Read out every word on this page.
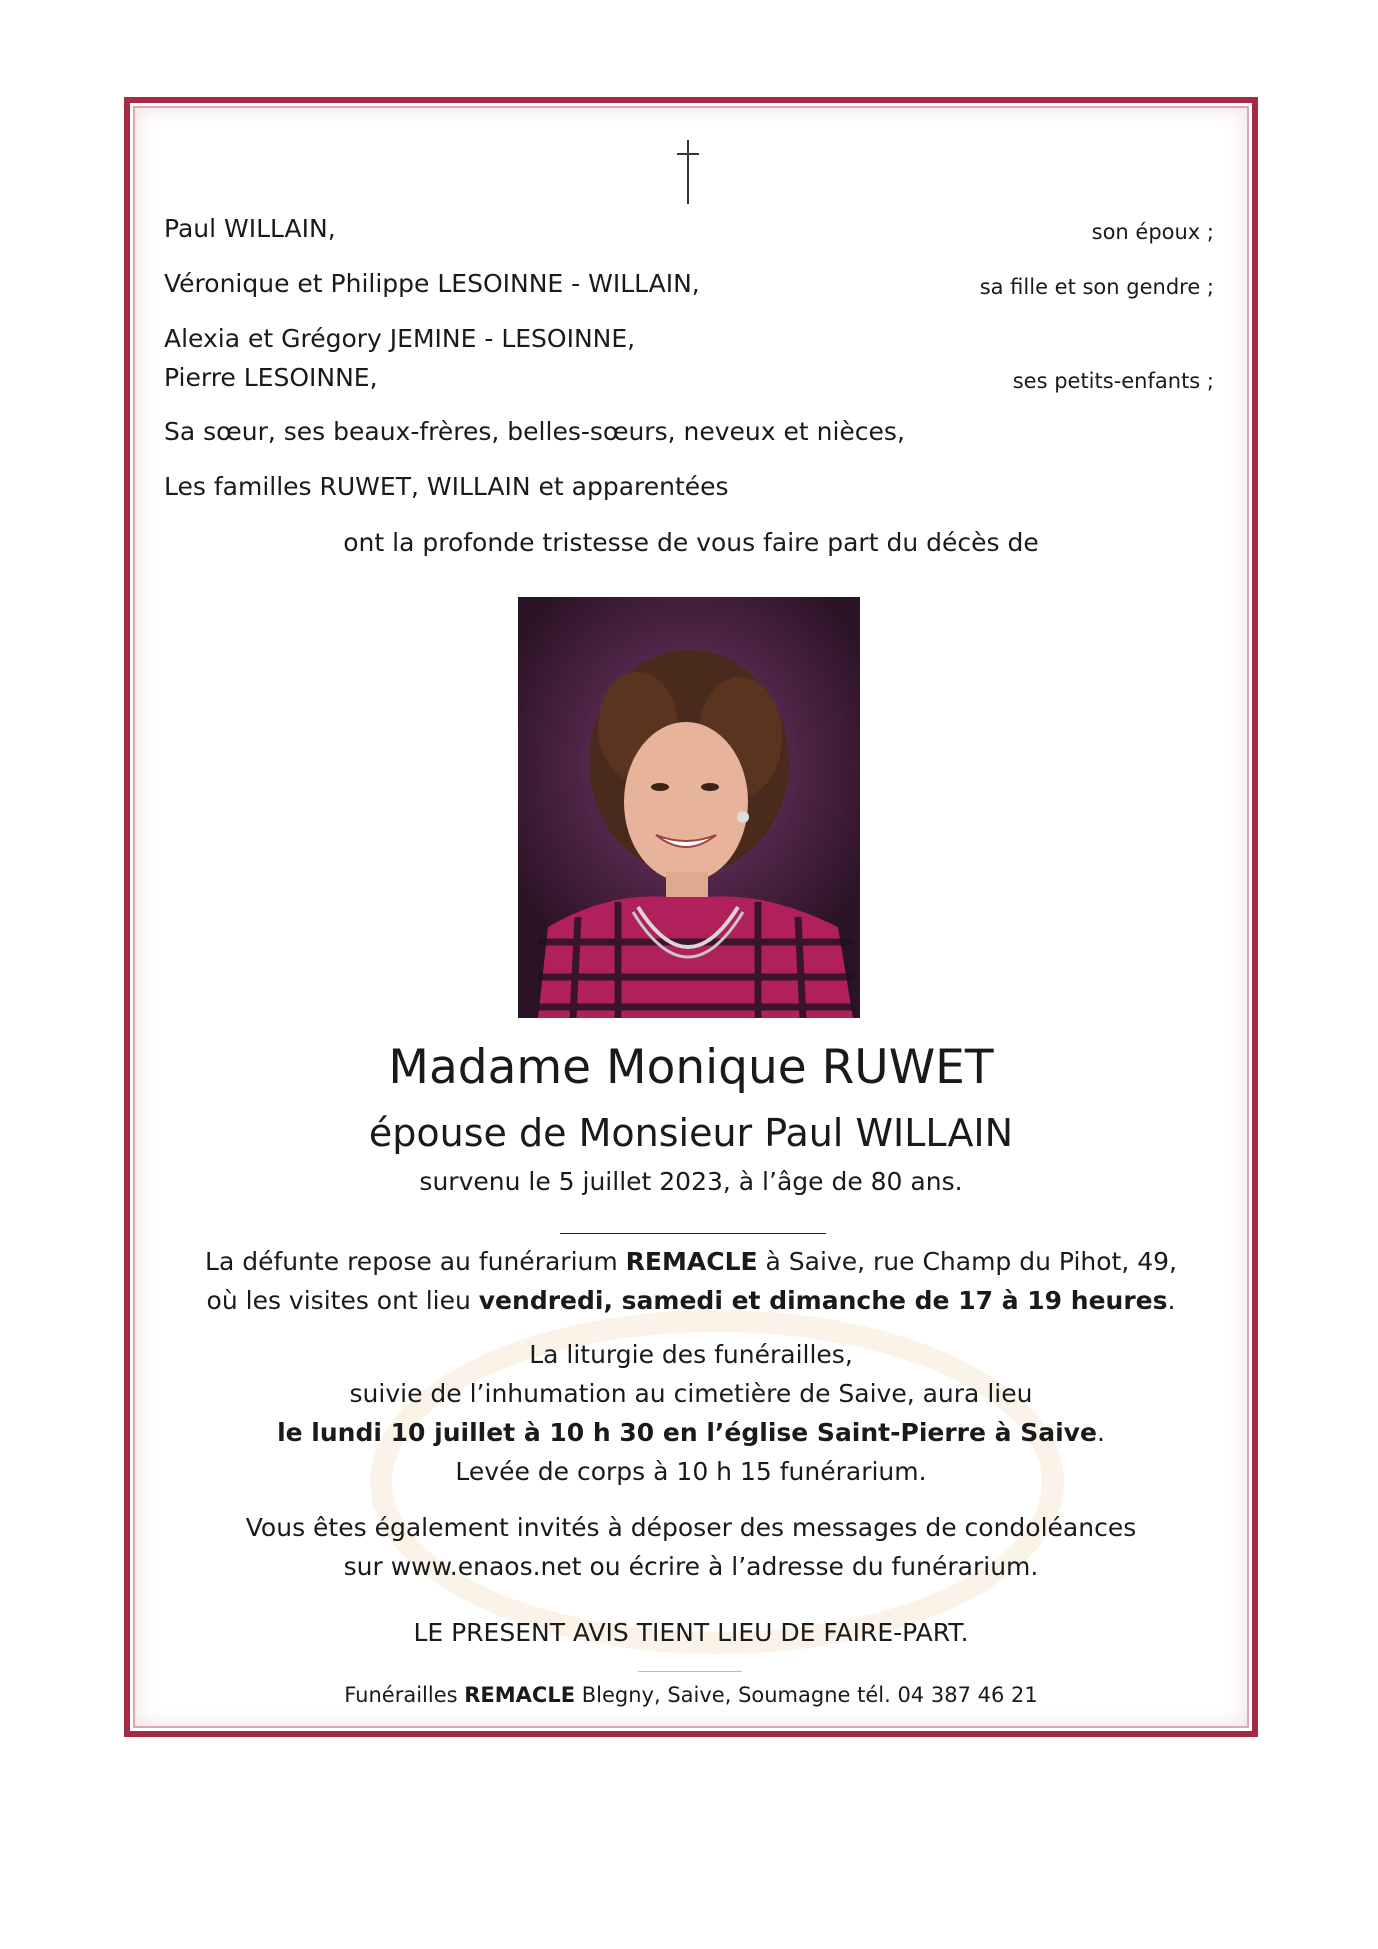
Paul WILLAIN,	son époux ;
Véronique et Philippe LESOINNE - WILLAIN,	sa fille et son gendre ;
Alexia et Grégory JEMINE - LESOINNE,
Pierre LESOINNE,	ses petits-enfants ;
Sa sœur, ses beaux-frères, belles-sœurs, neveux et nièces,
Les familles RUWET, WILLAIN et apparentées
ont la profonde tristesse de vous faire part du décès de
Madame Monique RUWET
épouse de Monsieur Paul WILLAIN
survenu le 5 juillet 2023, à l’âge de 80 ans.
La défunte repose au funérarium REMACLE à Saive, rue Champ du Pihot, 49,
où les visites ont lieu vendredi, samedi et dimanche de 17 à 19 heures.
La liturgie des funérailles,
suivie de l’inhumation au cimetière de Saive, aura lieu
le lundi 10 juillet à 10 h 30 en l’église Saint-Pierre à Saive.
Levée de corps à 10 h 15 funérarium.
Vous êtes également invités à déposer des messages de condoléances
sur www.enaos.net ou écrire à l’adresse du funérarium.
LE PRESENT AVIS TIENT LIEU DE FAIRE-PART.
Funérailles REMACLE Blegny, Saive, Soumagne tél. 04 387 46 21
